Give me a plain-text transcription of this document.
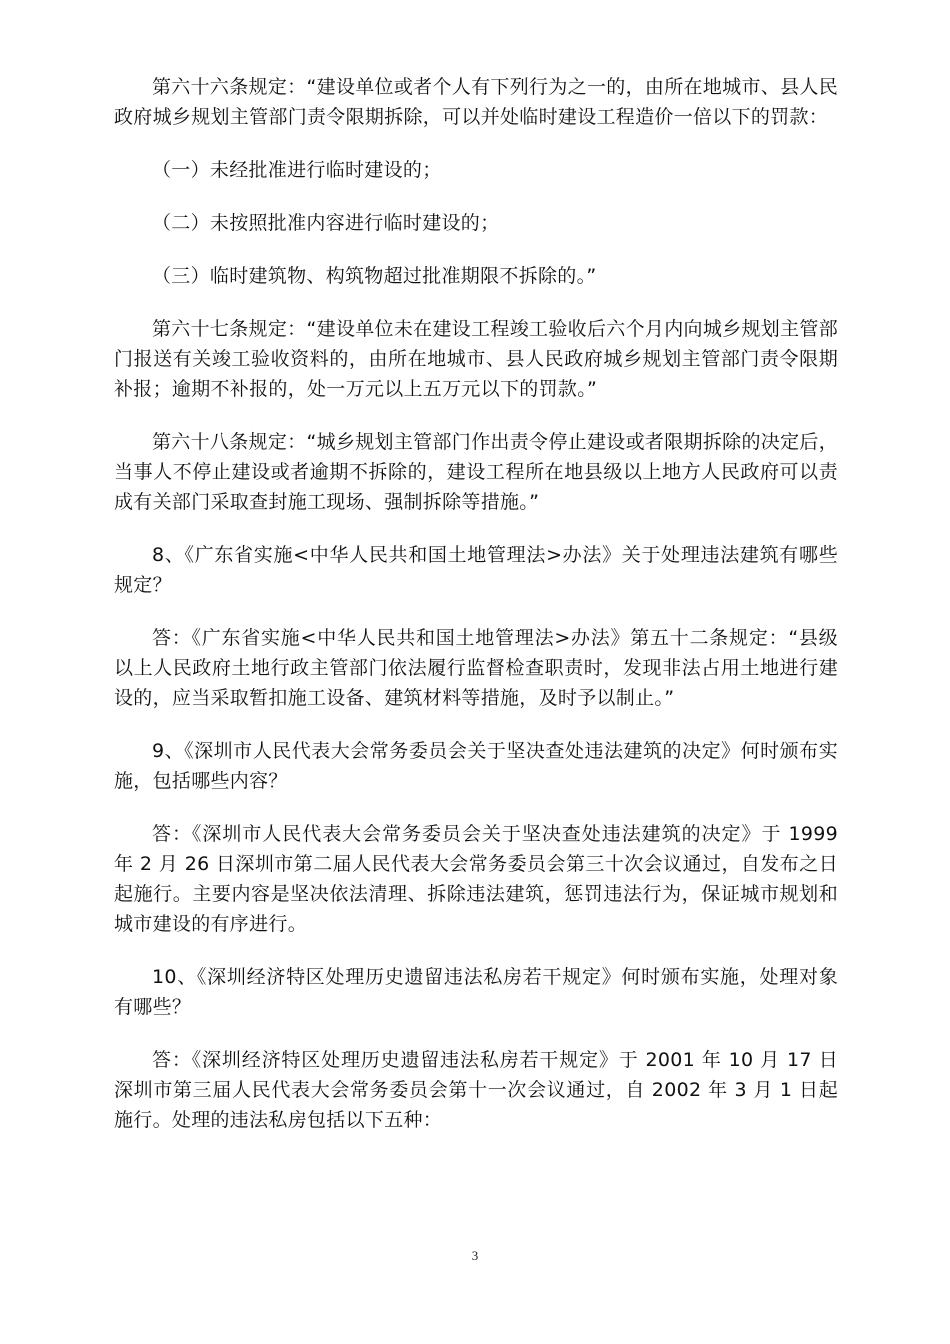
第六十六条规定：“建设单位或者个人有下列行为之一的，由所在地城市、县人民政府城乡规划主管部门责令限期拆除，可以并处临时建设工程造价一倍以下的罚款：

（一）未经批准进行临时建设的；

（二）未按照批准内容进行临时建设的；

（三）临时建筑物、构筑物超过批准期限不拆除的。”

第六十七条规定：“建设单位未在建设工程竣工验收后六个月内向城乡规划主管部门报送有关竣工验收资料的，由所在地城市、县人民政府城乡规划主管部门责令限期补报；逾期不补报的，处一万元以上五万元以下的罚款。”

第六十八条规定：“城乡规划主管部门作出责令停止建设或者限期拆除的决定后，当事人不停止建设或者逾期不拆除的，建设工程所在地县级以上地方人民政府可以责成有关部门采取查封施工现场、强制拆除等措施。”

8、《广东省实施<中华人民共和国土地管理法>办法》关于处理违法建筑有哪些规定？

答：《广东省实施<中华人民共和国土地管理法>办法》第五十二条规定：“县级以上人民政府土地行政主管部门依法履行监督检查职责时，发现非法占用土地进行建设的，应当采取暂扣施工设备、建筑材料等措施，及时予以制止。”

9、《深圳市人民代表大会常务委员会关于坚决查处违法建筑的决定》何时颁布实施，包括哪些内容？

答：《深圳市人民代表大会常务委员会关于坚决查处违法建筑的决定》于 1999 年 2 月 26 日深圳市第二届人民代表大会常务委员会第三十次会议通过，自发布之日起施行。主要内容是坚决依法清理、拆除违法建筑，惩罚违法行为，保证城市规划和城市建设的有序进行。

10、《深圳经济特区处理历史遗留违法私房若干规定》何时颁布实施，处理对象有哪些？

答：《深圳经济特区处理历史遗留违法私房若干规定》于 2001 年 10 月 17 日深圳市第三届人民代表大会常务委员会第十一次会议通过，自 2002 年 3 月 1 日起施行。处理的违法私房包括以下五种：

3
